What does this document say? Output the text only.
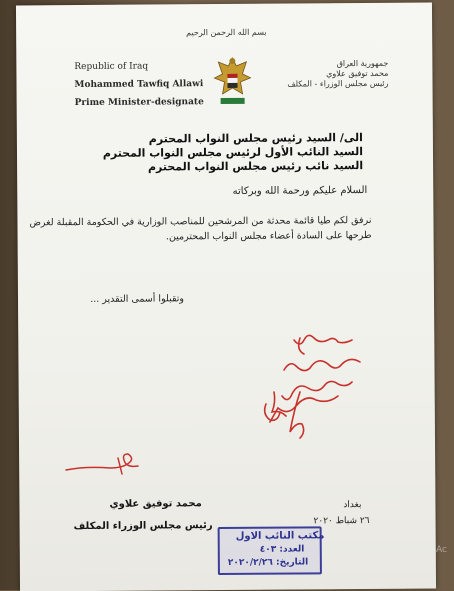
بسم الله الرحمن الرحيم
Republic of Iraq
Mohammed Tawfiq Allawi
Prime Minister-designate
جمهورية العراق
محمد توفيق علاوي
رئيس مجلس الوزراء - المكلف
الى/ السيد رئيس مجلس النواب المحترم
السيد النائب الأول لرئيس مجلس النواب المحترم
السيد نائب رئيس مجلس النواب المحترم
السلام عليكم ورحمة الله وبركاته
نرفق لكم طيا قائمة محدثة من المرشحين للمناصب الوزارية في الحكومة المقبلة لغرض
طرحها على السادة أعضاء مجلس النواب المحترمين.
وتقبلوا أسمى التقدير ...
بغداد
٢٦ شباط ٢٠٢٠
محمد توفيق علاوي
رئيس مجلس الوزراء المكلف
مكتب النائب الاول
العدد: ٤٠٣
التاريخ: ٢٠٢٠/٢/٢٦
Ac
